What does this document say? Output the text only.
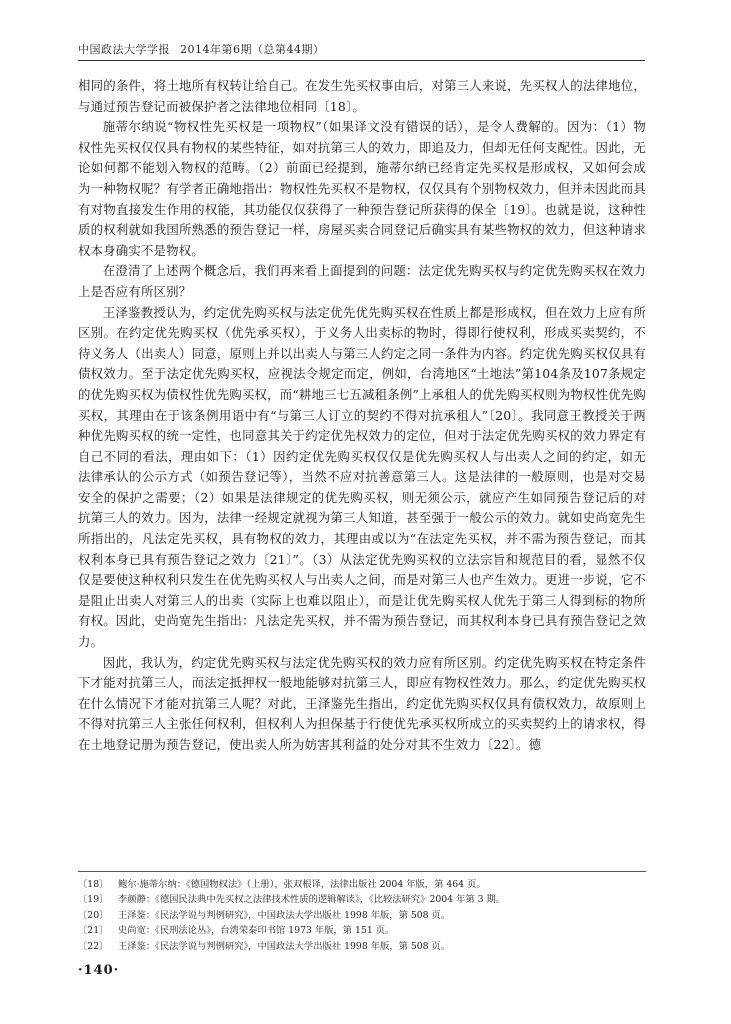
中国政法大学学报 2014年第6期（总第44期）

相同的条件，将土地所有权转让给自己。在发生先买权事由后，对第三人来说，先买权人的法律地位，与通过预告登记而被保护者之法律地位相同〔18〕。

施蒂尔纳说“物权性先买权是一项物权”（如果译文没有错误的话），是令人费解的。因为：（1）物权性先买权仅仅具有物权的某些特征，如对抗第三人的效力，即追及力，但却无任何支配性。因此，无论如何都不能划入物权的范畴。（2）前面已经提到，施蒂尔纳已经肯定先买权是形成权，又如何会成为一种物权呢？有学者正确地指出：物权性先买权不是物权，仅仅具有个别物权效力，但并未因此而具有对物直接发生作用的权能，其功能仅仅获得了一种预告登记所获得的保全〔19〕。也就是说，这种性质的权利就如我国所熟悉的预告登记一样，房屋买卖合同登记后确实具有某些物权的效力，但这种请求权本身确实不是物权。

在澄清了上述两个概念后，我们再来看上面提到的问题：法定优先购买权与约定优先购买权在效力上是否应有所区别？

王泽鉴教授认为，约定优先购买权与法定优先优先购买权在性质上都是形成权，但在效力上应有所区别。在约定优先购买权（优先承买权），于义务人出卖标的物时，得即行使权利，形成买卖契约，不待义务人（出卖人）同意，原则上并以出卖人与第三人约定之同一条件为内容。约定优先购买权仅具有债权效力。至于法定优先购买权，应视法令规定而定，例如，台湾地区“土地法”第104条及107条规定的优先购买权为债权性优先购买权，而“耕地三七五减租条例”上承租人的优先购买权则为物权性优先购买权，其理由在于该条例用语中有“与第三人订立的契约不得对抗承租人”〔20〕。我同意王教授关于两种优先购买权的统一定性，也同意其关于约定优先权效力的定位，但对于法定优先购买权的效力界定有自己不同的看法，理由如下：（1）因约定优先购买权仅仅是优先购买权人与出卖人之间的约定，如无法律承认的公示方式（如预告登记等），当然不应对抗善意第三人。这是法律的一般原则，也是对交易安全的保护之需要；（2）如果是法律规定的优先购买权，则无须公示，就应产生如同预告登记后的对抗第三人的效力。因为，法律一经规定就视为第三人知道，甚至强于一般公示的效力。就如史尚宽先生所指出的，凡法定先买权，具有物权的效力，其理由或以为“在法定先买权，并不需为预告登记，而其权利本身已具有预告登记之效力〔21〕”。（3）从法定优先购买权的立法宗旨和规范目的看，显然不仅仅是要使这种权利只发生在优先购买权人与出卖人之间，而是对第三人也产生效力。更进一步说，它不是阻止出卖人对第三人的出卖（实际上也难以阻止），而是让优先购买权人优先于第三人得到标的物所有权。因此，史尚宽先生指出：凡法定先买权，并不需为预告登记，而其权利本身已具有预告登记之效力。

因此，我认为，约定优先购买权与法定优先购买权的效力应有所区别。约定优先购买权在特定条件下才能对抗第三人，而法定抵押权一般地能够对抗第三人，即应有物权性效力。那么，约定优先购买权在什么情况下才能对抗第三人呢？对此，王泽鉴先生指出，约定优先购买权仅具有债权效力，故原则上不得对抗第三人主张任何权利，但权利人为担保基于行使优先承买权所成立的买卖契约上的请求权，得在土地登记册为预告登记，使出卖人所为妨害其利益的处分对其不生效力〔22〕。德

〔18〕	鲍尔·施蒂尔纳：《德国物权法》（上册），张双根译，法律出版社 2004 年版，第 464 页。
〔19〕	李颜静：《德国民法典中先买权之法律技术性质的逻辑解读》，《比较法研究》2004 年第 3 期。
〔20〕	王泽鉴：《民法学说与判例研究》，中国政法大学出版社 1998 年版，第 508 页。
〔21〕	史尚宽：《民刑法论丛》，台湾荣泰印书馆 1973 年版，第 151 页。
〔22〕	王泽鉴：《民法学说与判例研究》，中国政法大学出版社 1998 年版，第 508 页。
·140·
